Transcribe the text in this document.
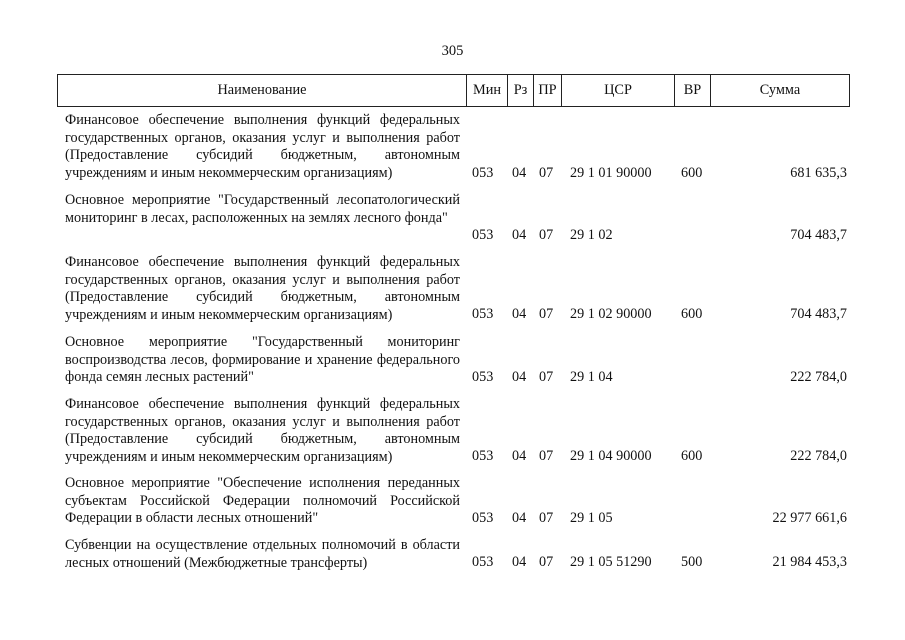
305
Наименование	Мин Рз ПР	ЦСР	ВР	Сумма
Финансовое обеспечение выполнения функций федеральных государственных органов, оказания услуг и выполнения работ (Предоставление субсидий бюджетным, автономным учреждениям и иным некоммерческим организациям)	053 04 07 29 1 01 90000	600	681 635,3
Основное мероприятие "Государственный лесопатологический мониторинг в лесах, расположенных на землях лесного фонда"
053 04 07 29 1 02	704 483,7
Финансовое обеспечение выполнения функций федеральных государственных органов, оказания услуг и выполнения работ (Предоставление субсидий бюджетным, автономным учреждениям и иным некоммерческим организациям)	053 04 07 29 1 02 90000	600	704 483,7
Основное мероприятие "Государственный мониторинг воспроизводства лесов, формирование и хранение федерального фонда семян лесных растений"	053 04 07 29 1 04	222 784,0
Финансовое обеспечение выполнения функций федеральных государственных органов, оказания услуг и выполнения работ (Предоставление субсидий бюджетным, автономным учреждениям и иным некоммерческим организациям)	053 04 07 29 1 04 90000	600	222 784,0
Основное мероприятие "Обеспечение исполнения переданных субъектам Российской Федерации полномочий Российской Федерации в области лесных отношений"	053 04 07 29 1 05	22 977 661,6
Субвенции на осуществление отдельных полномочий в области лесных отношений (Межбюджетные трансферты)	053 04 07 29 1 05 51290	500	21 984 453,3
